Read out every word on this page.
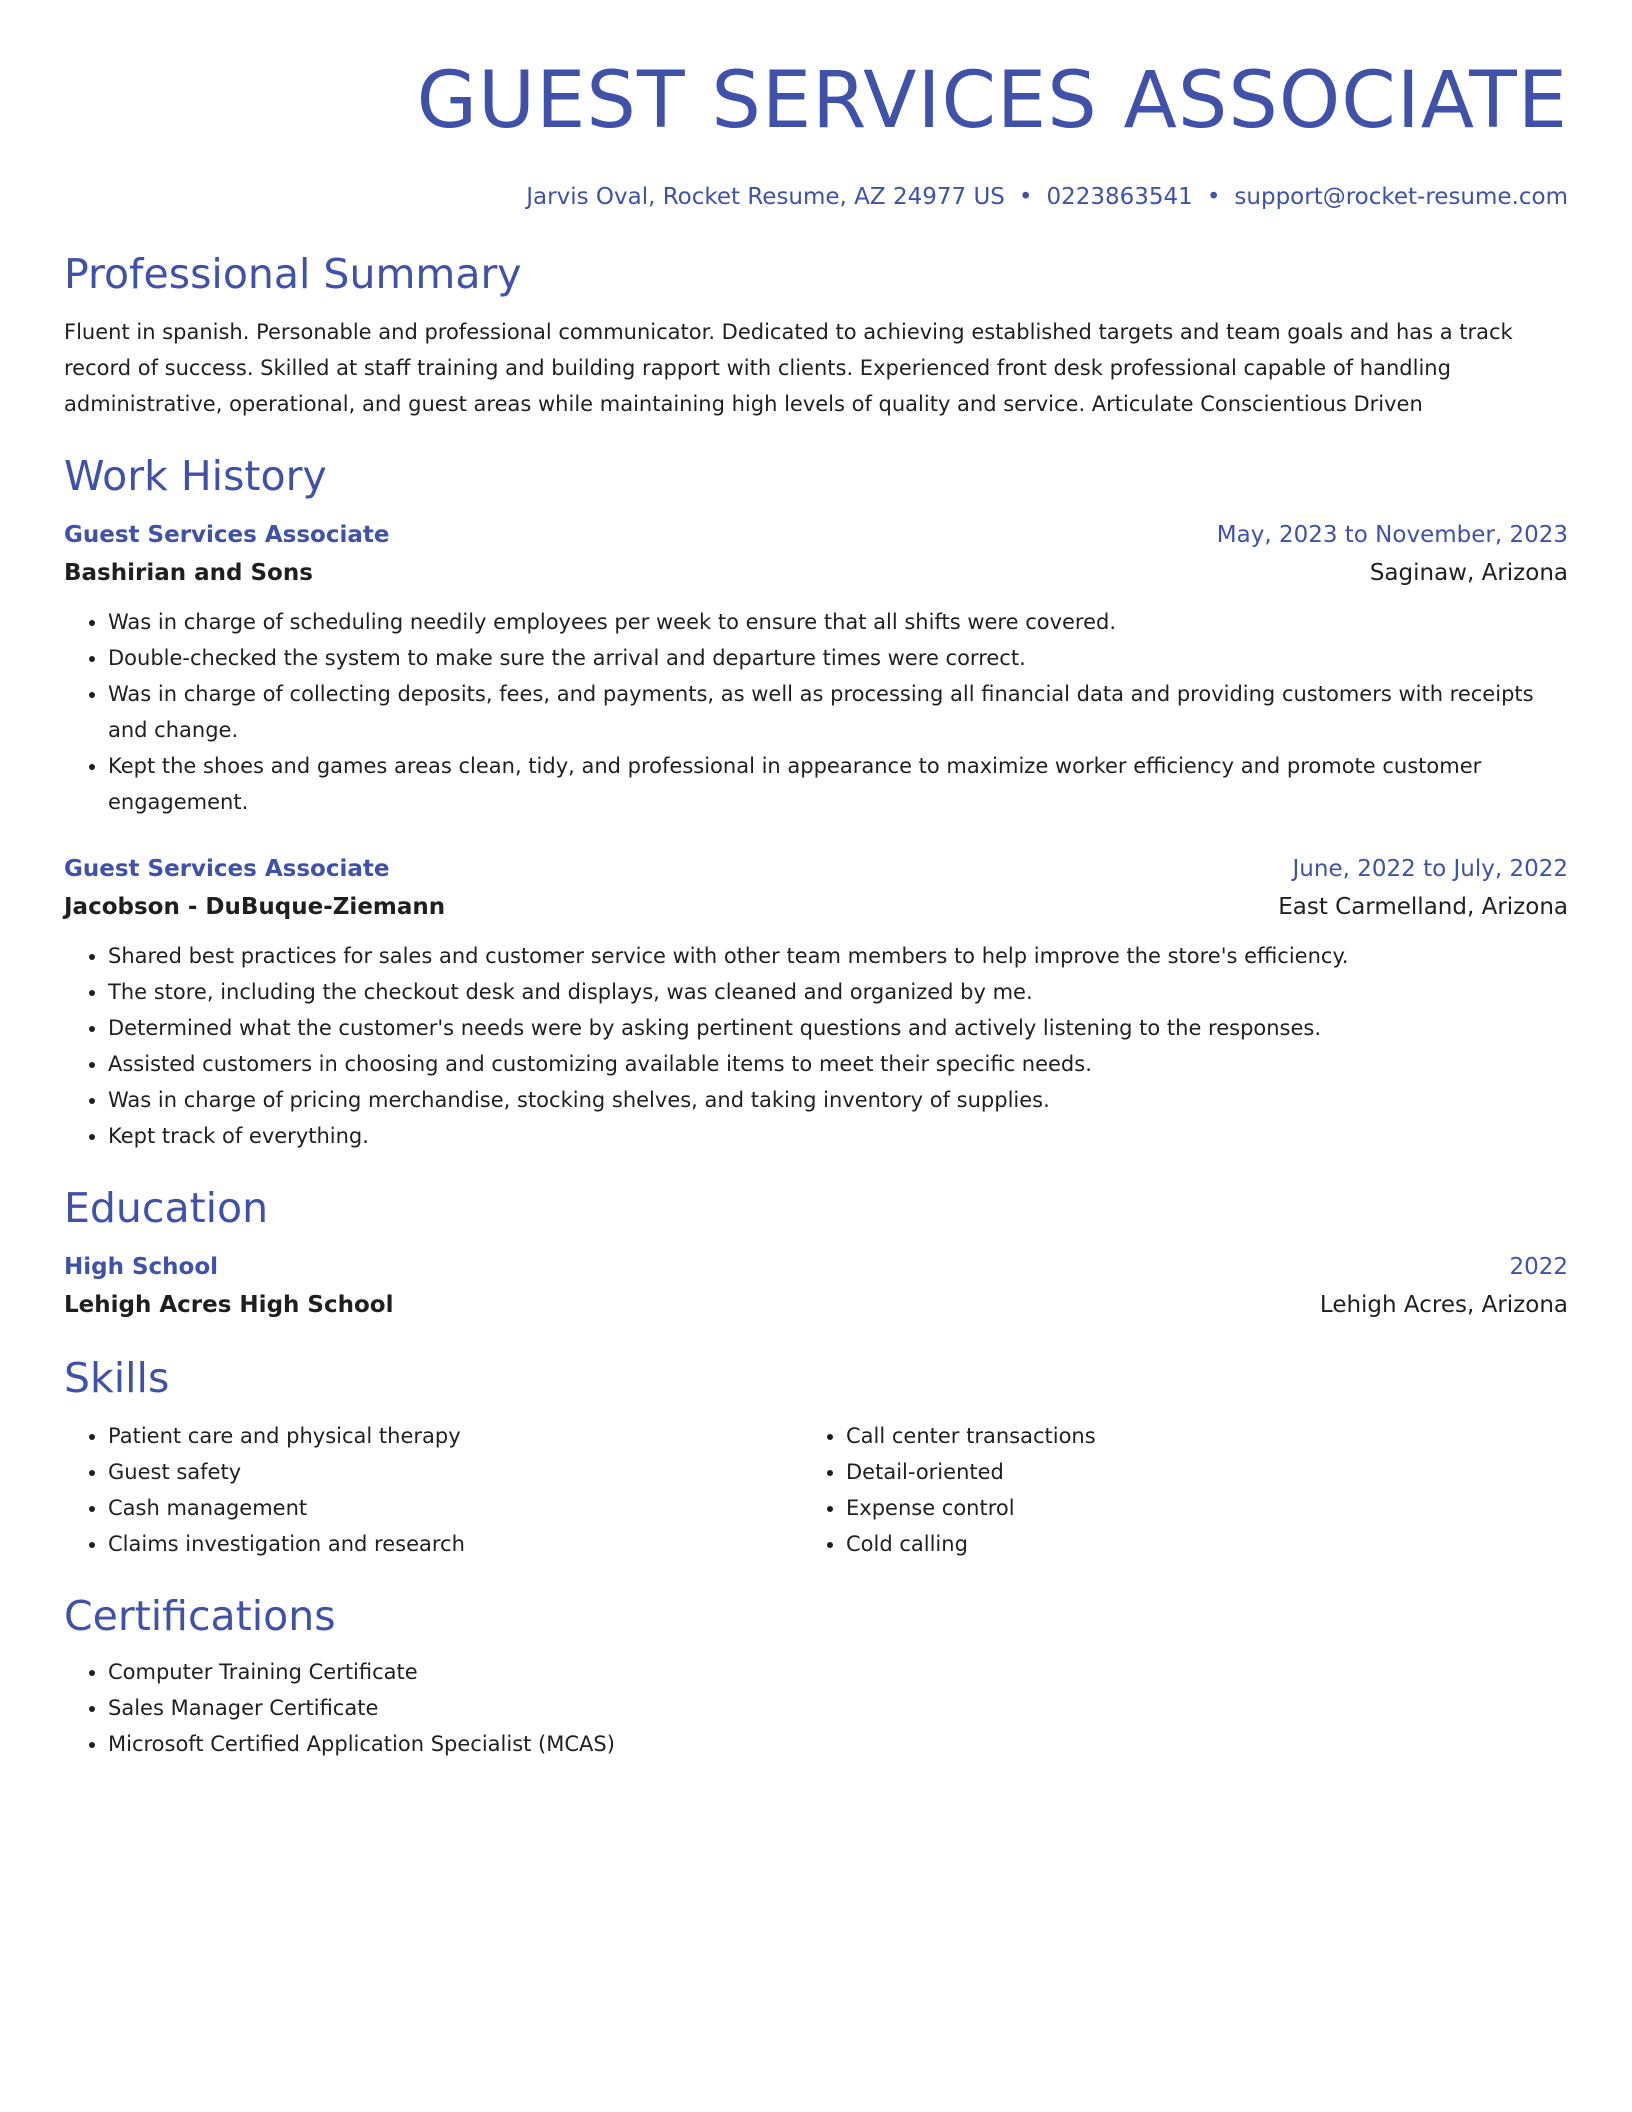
GUEST SERVICES ASSOCIATE
Jarvis Oval, Rocket Resume, AZ 24977 US • 0223863541 • support@rocket-resume.com
Professional Summary
Fluent in spanish. Personable and professional communicator. Dedicated to achieving established targets and team goals and has a track record of success. Skilled at staff training and building rapport with clients. Experienced front desk professional capable of handling administrative, operational, and guest areas while maintaining high levels of quality and service. Articulate Conscientious Driven
Work History
Guest Services Associate	May, 2023 to November, 2023
Bashirian and Sons	Saginaw, Arizona
• Was in charge of scheduling needily employees per week to ensure that all shifts were covered.
• Double-checked the system to make sure the arrival and departure times were correct.
• Was in charge of collecting deposits, fees, and payments, as well as processing all financial data and providing customers with receipts and change.
• Kept the shoes and games areas clean, tidy, and professional in appearance to maximize worker efficiency and promote customer engagement.
Guest Services Associate	June, 2022 to July, 2022
Jacobson - DuBuque-Ziemann	East Carmelland, Arizona
• Shared best practices for sales and customer service with other team members to help improve the store's efficiency.
• The store, including the checkout desk and displays, was cleaned and organized by me.
• Determined what the customer's needs were by asking pertinent questions and actively listening to the responses.
• Assisted customers in choosing and customizing available items to meet their specific needs.
• Was in charge of pricing merchandise, stocking shelves, and taking inventory of supplies.
• Kept track of everything.
Education
High School	2022
Lehigh Acres High School	Lehigh Acres, Arizona
Skills
• Patient care and physical therapy
• Guest safety
• Cash management
• Claims investigation and research
• Call center transactions
• Detail-oriented
• Expense control
• Cold calling
Certifications
• Computer Training Certificate
• Sales Manager Certificate
• Microsoft Certified Application Specialist (MCAS)
